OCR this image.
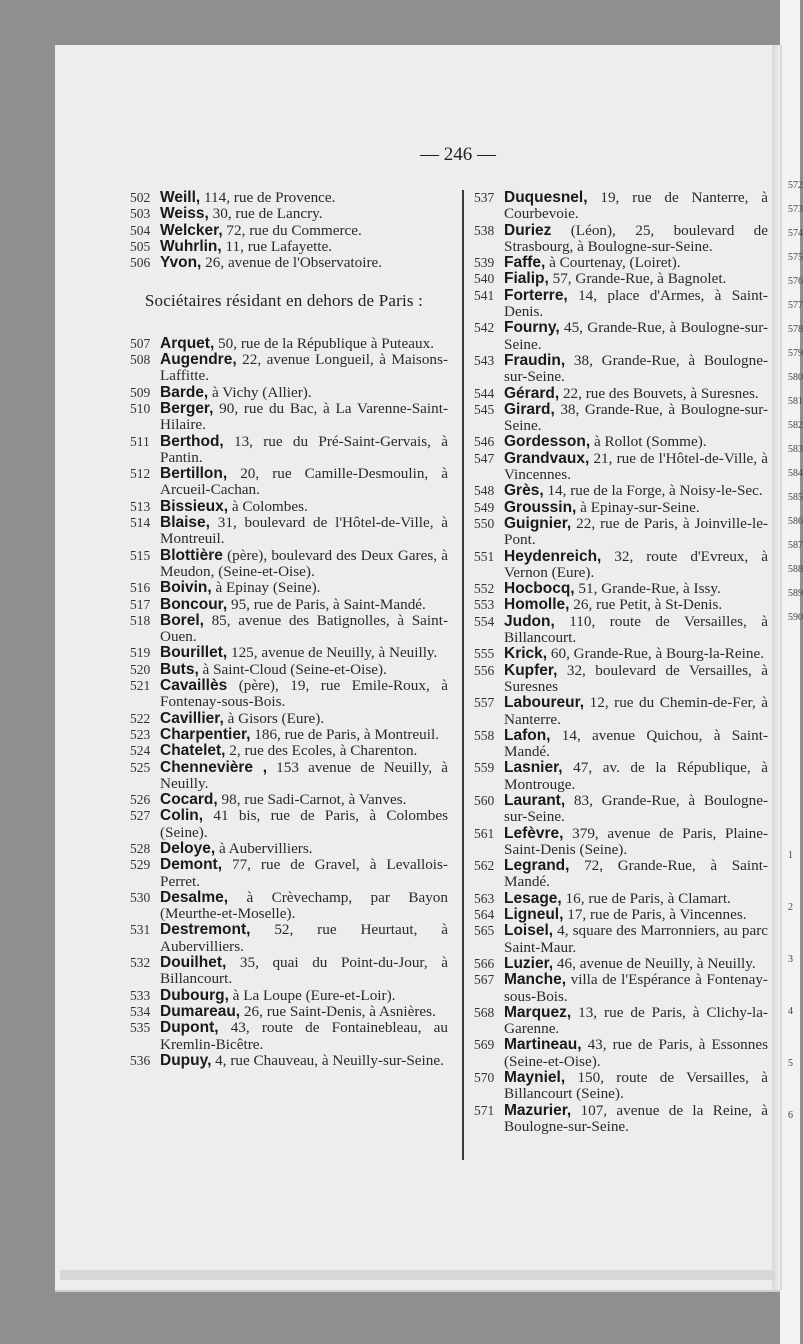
572
573
574
575
576
577
578
579
580
581
582
583
584
585
586
587
588
589
590
1
2
3
4
5
6
— 246 —
502 Weill, 114, rue de Provence.
503 Weiss, 30, rue de Lancry.
504 Welcker, 72, rue du Commerce.
505 Wuhrlin, 11, rue Lafayette.
506 Yvon, 26, avenue de l'Observatoire.
Sociétaires résidant en dehors de Paris :
507 Arquet, 50, rue de la République à Puteaux.
508 Augendre, 22, avenue Longueil, à Maisons-Laffitte.
509 Barde, à Vichy (Allier).
510 Berger, 90, rue du Bac, à La Varenne-Saint-Hilaire.
511 Berthod, 13, rue du Pré-Saint-Gervais, à Pantin.
512 Bertillon, 20, rue Camille-Desmoulin, à Arcueil-Cachan.
513 Bissieux, à Colombes.
514 Blaise, 31, boulevard de l'Hôtel-de-Ville, à Montreuil.
515 Blottière (père), boulevard des Deux Gares, à Meudon, (Seine-et-Oise).
516 Boivin, à Epinay (Seine).
517 Boncour, 95, rue de Paris, à Saint-Mandé.
518 Borel, 85, avenue des Batignolles, à Saint-Ouen.
519 Bourillet, 125, avenue de Neuilly, à Neuilly.
520 Buts, à Saint-Cloud (Seine-et-Oise).
521 Cavaillès (père), 19, rue Emile-Roux, à Fontenay-sous-Bois.
522 Cavillier, à Gisors (Eure).
523 Charpentier, 186, rue de Paris, à Montreuil.
524 Chatelet, 2, rue des Ecoles, à Charenton.
525 Chennevière , 153 avenue de Neuilly, à Neuilly.
526 Cocard, 98, rue Sadi-Carnot, à Vanves.
527 Colin, 41 bis, rue de Paris, à Colombes (Seine).
528 Deloye, à Aubervilliers.
529 Demont, 77, rue de Gravel, à Levallois-Perret.
530 Desalme, à Crèvechamp, par Bayon (Meurthe-et-Moselle).
531 Destremont, 52, rue Heurtaut, à Aubervilliers.
532 Douilhet, 35, quai du Point-du-Jour, à Billancourt.
533 Dubourg, à La Loupe (Eure-et-Loir).
534 Dumareau, 26, rue Saint-Denis, à Asnières.
535 Dupont, 43, route de Fontainebleau, au Kremlin-Bicêtre.
536 Dupuy, 4, rue Chauveau, à Neuilly-sur-Seine.
537 Duquesnel, 19, rue de Nanterre, à Courbevoie.
538 Duriez (Léon), 25, boulevard de Strasbourg, à Boulogne-sur-Seine.
539 Faffe, à Courtenay, (Loiret).
540 Fialip, 57, Grande-Rue, à Bagnolet.
541 Forterre, 14, place d'Armes, à Saint-Denis.
542 Fourny, 45, Grande-Rue, à Boulogne-sur-Seine.
543 Fraudin, 38, Grande-Rue, à Boulogne-sur-Seine.
544 Gérard, 22, rue des Bouvets, à Suresnes.
545 Girard, 38, Grande-Rue, à Boulogne-sur-Seine.
546 Gordesson, à Rollot (Somme).
547 Grandvaux, 21, rue de l'Hôtel-de-Ville, à Vincennes.
548 Grès, 14, rue de la Forge, à Noisy-le-Sec.
549 Groussin, à Epinay-sur-Seine.
550 Guignier, 22, rue de Paris, à Joinville-le-Pont.
551 Heydenreich, 32, route d'Evreux, à Vernon (Eure).
552 Hocbocq, 51, Grande-Rue, à Issy.
553 Homolle, 26, rue Petit, à St-Denis.
554 Judon, 110, route de Versailles, à Billancourt.
555 Krick, 60, Grande-Rue, à Bourg-la-Reine.
556 Kupfer, 32, boulevard de Versailles, à Suresnes
557 Laboureur, 12, rue du Chemin-de-Fer, à Nanterre.
558 Lafon, 14, avenue Quichou, à Saint-Mandé.
559 Lasnier, 47, av. de la République, à Montrouge.
560 Laurant, 83, Grande-Rue, à Boulogne-sur-Seine.
561 Lefèvre, 379, avenue de Paris, Plaine-Saint-Denis (Seine).
562 Legrand, 72, Grande-Rue, à Saint-Mandé.
563 Lesage, 16, rue de Paris, à Clamart.
564 Ligneul, 17, rue de Paris, à Vincennes.
565 Loisel, 4, square des Marronniers, au parc Saint-Maur.
566 Luzier, 46, avenue de Neuilly, à Neuilly.
567 Manche, villa de l'Espérance à Fontenay-sous-Bois.
568 Marquez, 13, rue de Paris, à Clichy-la-Garenne.
569 Martineau, 43, rue de Paris, à Essonnes (Seine-et-Oise).
570 Mayniel, 150, route de Versailles, à Billancourt (Seine).
571 Mazurier, 107, avenue de la Reine, à Boulogne-sur-Seine.
